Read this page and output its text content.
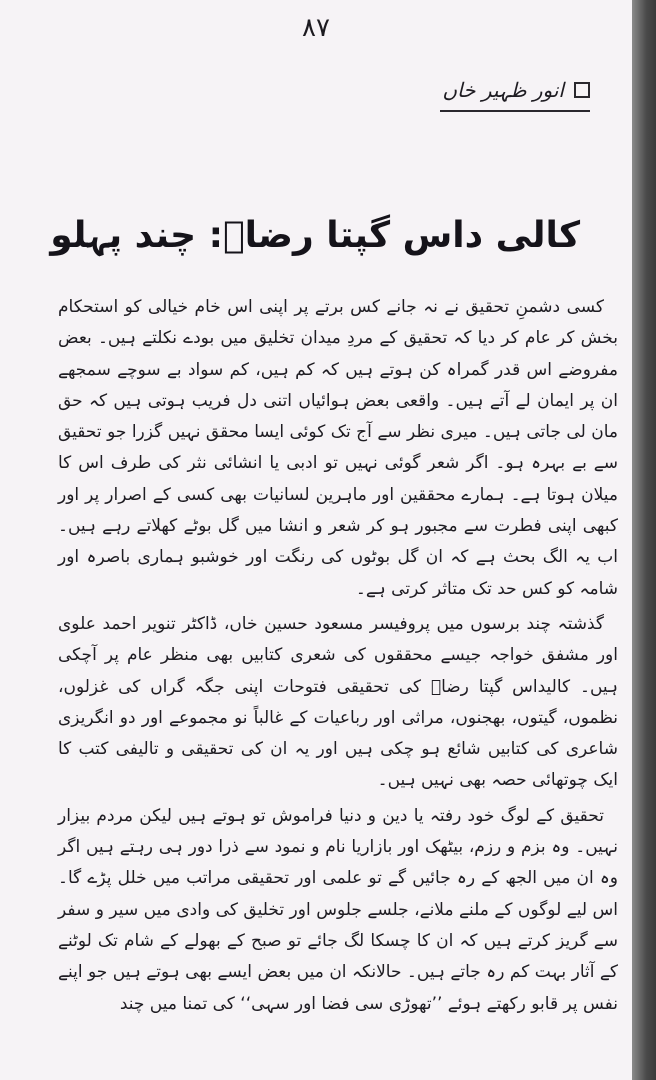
۸۷
انور ظہیر خاں
کالی داس گپتا رضاؔ: چند پہلو

کسی دشمنِ تحقیق نے نہ جانے کس برتے پر اپنی اس خام خیالی کو استحکام بخش کر عام کر دیا کہ تحقیق کے مردِ میدان تخلیق میں بودے نکلتے ہیں۔ بعض مفروضے اس قدر گمراہ کن ہوتے ہیں کہ کم ہیں، کم سواد بے سوچے سمجھے ان پر ایمان لے آتے ہیں۔ واقعی بعض ہوائیاں اتنی دل فریب ہوتی ہیں کہ حق مان لی جاتی ہیں۔ میری نظر سے آج تک کوئی ایسا محقق نہیں گزرا جو تحقیق سے بے بہرہ ہو۔ اگر شعر گوئی نہیں تو ادبی یا انشائی نثر کی طرف اس کا میلان ہوتا ہے۔ ہمارے محققین اور ماہرین لسانیات بھی کسی کے اصرار پر اور کبھی اپنی فطرت سے مجبور ہو کر شعر و انشا میں گل بوٹے کھلاتے رہے ہیں۔ اب یہ الگ بحث ہے کہ ان گل بوٹوں کی رنگت اور خوشبو ہماری باصرہ اور شامہ کو کس حد تک متاثر کرتی ہے۔

گذشتہ چند برسوں میں پروفیسر مسعود حسین خاں، ڈاکٹر تنویر احمد علوی اور مشفق خواجہ جیسے محققوں کی شعری کتابیں بھی منظر عام پر آچکی ہیں۔ کالیداس گپتا رضاؔ کی تحقیقی فتوحات اپنی جگہ گراں کی غزلوں، نظموں، گیتوں، بھجنوں، مراثی اور رباعیات کے غالباً نو مجموعے اور دو انگریزی شاعری کی کتابیں شائع ہو چکی ہیں اور یہ ان کی تحقیقی و تالیفی کتب کا ایک چوتھائی حصہ بھی نہیں ہیں۔

تحقیق کے لوگ خود رفتہ یا دین و دنیا فراموش تو ہوتے ہیں لیکن مردم بیزار نہیں۔ وہ بزم و رزم، بیٹھک اور بازاریا نام و نمود سے ذرا دور ہی رہتے ہیں اگر وہ ان میں الجھ کے رہ جائیں گے تو علمی اور تحقیقی مراتب میں خلل پڑے گا۔ اس لیے لوگوں کے ملنے ملانے، جلسے جلوس اور تخلیق کی وادی میں سیر و سفر سے گریز کرتے ہیں کہ ان کا چسکا لگ جائے تو صبح کے بھولے کے شام تک لوٹنے کے آثار بہت کم رہ جاتے ہیں۔ حالانکہ ان میں بعض ایسے بھی ہوتے ہیں جو اپنے نفس پر قابو رکھتے ہوئے ’’تھوڑی سی فضا اور سہی‘‘ کی تمنا میں چند
